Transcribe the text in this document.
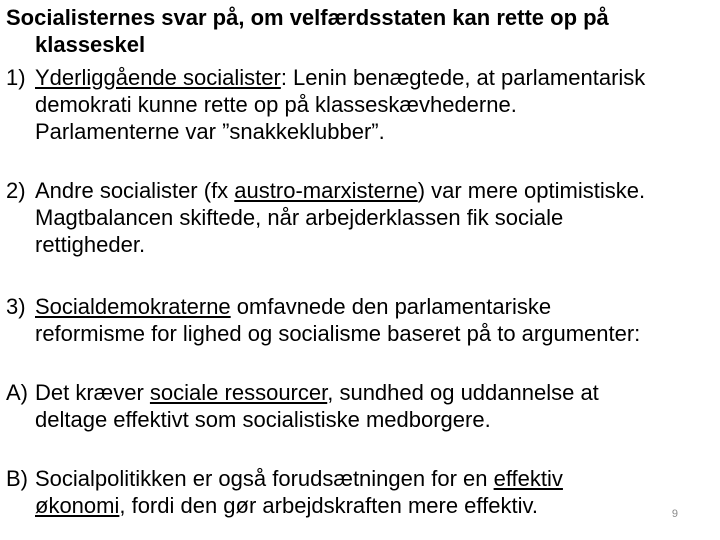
Socialisternes svar på, om velfærdsstaten kan rette op på
klasseskel
1) Yderliggående socialister: Lenin benægtede, at parlamentarisk
demokrati kunne rette op på klasseskævhederne.
Parlamenterne var ”snakkeklubber”.
2) Andre socialister (fx austro-marxisterne) var mere optimistiske.
Magtbalancen skiftede, når arbejderklassen fik sociale
rettigheder.
3) Socialdemokraterne omfavnede den parlamentariske
reformisme for lighed og socialisme baseret på to argumenter:
A) Det kræver sociale ressourcer, sundhed og uddannelse at
deltage effektivt som socialistiske medborgere.
B) Socialpolitikken er også forudsætningen for en effektiv
økonomi, fordi den gør arbejdskraften mere effektiv.	9
